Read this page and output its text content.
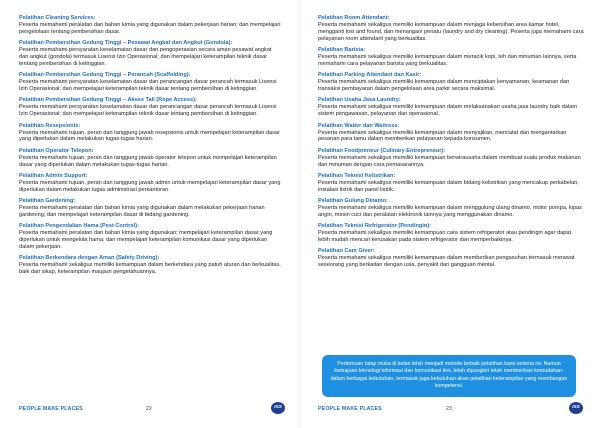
Pelatihan Cleaning Services:
Peserta memahami peralatan dan bahan kimia yang digunakan dalam pekerjaan harian; dan mempelajari pengelolaan tentang pembersihan dasar.
Pelatihan Pembersihan Gedung Tinggi – Pesawat Angkat dan Angkut (Gondola):
Peserta memahami persyaratan keselamatan dasar dan pengoperasian secara aman pesawat angkat dan angkut (gondola) termasuk Lisensi Izin Operasional; dan mempelajari keterampilan teknik dasar tentang pembersihan di ketinggian.
Pelatihan Pembersihan Gedung Tinggi – Perancah (Scaffolding):
Peserta memahami persyaratan keselamatan dasar dan perancangan dasar perancah termasuk Lisensi Izin Operasional; dan mempelajari keterampilan teknik dasar tentang pembersihan di ketinggian.
Pelatihan Pembersihan Gedung Tinggi – Akses Tali (Rope Access):
Peserta memahami persyaratan keselamatan dasar dan perancangan dasar perancah termasuk Lisensi Izin Operasional; dan mempelajari keterampilan teknik dasar tentang pembersihan di ketinggian.
Pelatihan Resepsionis:
Peserta memahami tujuan, peran dan tanggung jawab resepsionis untuk mempelajari keterampilan dasar yang diperlukan dalam melakukan tugas-tugas harian.
Pelatihan Operator Telepon:
Peserta memahami tujuan, peran dan tanggung jawab operator telepon untuk mempelajari keterampilan dasar yang diperlukan dalam melakukan tugas-tugas harian.
Pelatihan Admin Support:
Peserta memahami tujuan, peran dan tanggung jawab admin untuk mempelajari keterampilan dasar yang diperlukan dalam melakukan tugas administrasi perkantoran.
Pelatihan Gardening:
Peserta memahami peralatan dan bahan kimia yang digunakan dalam melakukan pekerjaan harian gardening; dan mempelajari keterampilan dasar di bidang gardening.
Pelatihan Pengendalian Hama (Pest Control):
Peserta memahami peralatan dan bahan kimia yang digunakan; mempelajari keterampilan dasar yang diperlukan untuk mengelola hama; dan mempelajari keterampilan komunikasi dasar yang diperlukan dalam pekerjaan.
Pelatihan Berkendara dengan Aman (Safety Driving):
Peserta memahami sekaligus memiliki kemampuan dalam berkendara yang patuh aturan dan berkualitas, baik dari sikap, keterampilan maupun pengetahuannya.
PEOPLE MAKE PLACES	22	ISS
Pelatihan Room Attendant:
Peserta memahami sekaligus memiliki kemampuan dalam menjaga kebersihan area kamar hotel, mengganti lost and found, dan menangani penatu (laundry and dry cleaning). Peserta juga memahami cara pelayanan room attendant yang berkualitas.
Pelatihan Barista:
Peserta memahami sekaligus memiliki kemampuan dalam meracik kopi, teh dan minuman lainnya, serta memahami cara pelayanan barista yang berkualitas.
Pelatihan Parking Attendant dan Kasir:
Peserta memahami sekaligus memiliki kemampuan dalam menciptakan kenyamanan, keamanan dan transaksi pembayaran dalam pengelolaan area parkir secara maksimal.
Pelatihan Usaha Jasa Laundry:
Peserta memahami sekaligus memiliki kemampuan dalam melaksanakan usaha jasa laundry baik dalam sistem pengawasan, pelayanan dan operasional.
Pelatihan Waiter dan Waitress:
Peserta memahami sekaligus memiliki kemampuan dalam menyajikan, mencatat dan mengantarkan pesanan para tamu dalam memberikan pelayanan kepada konsumen.
Pelatihan Foodpreneur (Culinary Entrepreneur):
Peserta memahami sekaligus memiliki kemampuan berwirausaha dalam membuat suatu produk makanan dan minuman dengan cara pemasarannya.
Pelatihan Teknisi Kelistrikan:
Peserta memahami sekaligus memiliki kemampuan dalam bidang kelistrikan yang mencakup perkabelan, instalasi listrik dan panel listrik.
Pelatihan Gulung Dinamo:
Peserta memahami sekaligus memiliki kemampuan dalam menggulung ulang dinamo, motor pompa, kipas angin, mesin cuci dan peralatan elektronik lainnya yang menggunakan dinamo.
Pelatihan Teknisi Refrigerator (Pendingin):
Peserta memahami sekaligus memiliki kemampuan cara sistem refrigerator atau pendingin agar dapat lebih mudah mencari kerusakan pada sistem refrigerator dan memperbaikinya.
Pelatihan Care Giver:
Peserta memahami sekaligus memiliki kemampuan dalam memberikan pengasuhan termasuk merawat seseorang yang berkaitan dengan usia, penyakit dan gangguan mental.
Pertemuan tatap muka di kelas telah menjadi metode terbaik pelatihan kami selama ini. Namun kemajuan teknologi informasi dan komunikasi kini, telah dipungkiri telah memberikan kemudahan-dalam berbagai kebutuhan, termasuk juga kebutuhan akan pelatihan keterampilan yang membangun kompetensi.
PEOPLE MAKE PLACES	23	ISS
